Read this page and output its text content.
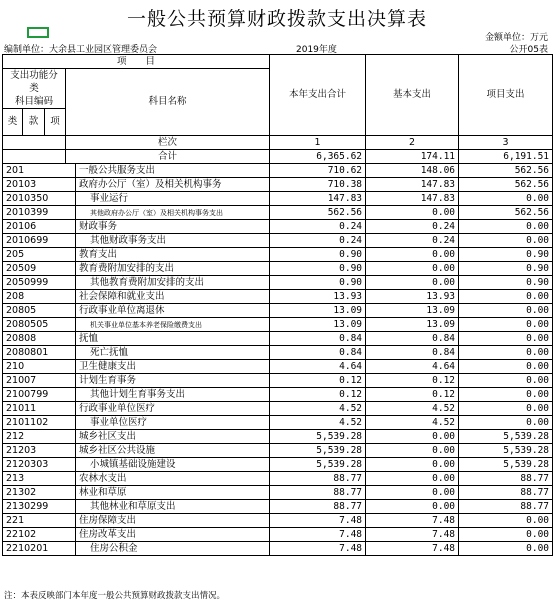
一般公共预算财政拨款支出决算表
金额单位：万元
编制单位：大余县工业园区管理委员会	2019年度	公开05表
项　　目					本年支出合计	基本支出	项目支出
支出功能分类
科目编码			科目名称				

类	款	项					
			栏次		1	2	3
			合计		6,365.62	174.11	6,191.51
201				一般公共服务支出	710.62	148.06	562.56
20103				政府办公厅（室）及相关机构事务	710.38	147.83	562.56
2010350				事业运行	147.83	147.83	0.00
2010399				其他政府办公厅（室）及相关机构事务支出	562.56	0.00	562.56
20106				财政事务	0.24	0.24	0.00
2010699				其他财政事务支出	0.24	0.24	0.00
205				教育支出	0.90	0.00	0.90
20509				教育费附加安排的支出	0.90	0.00	0.90
2050999				其他教育费附加安排的支出	0.90	0.00	0.90
208				社会保障和就业支出	13.93	13.93	0.00
20805				行政事业单位离退休	13.09	13.09	0.00
2080505				机关事业单位基本养老保险缴费支出	13.09	13.09	0.00
20808				抚恤	0.84	0.84	0.00
2080801				死亡抚恤	0.84	0.84	0.00
210				卫生健康支出	4.64	4.64	0.00
21007				计划生育事务	0.12	0.12	0.00
2100799				其他计划生育事务支出	0.12	0.12	0.00
21011				行政事业单位医疗	4.52	4.52	0.00
2101102				事业单位医疗	4.52	4.52	0.00
212				城乡社区支出	5,539.28	0.00	5,539.28
21203				城乡社区公共设施	5,539.28	0.00	5,539.28
2120303				小城镇基础设施建设	5,539.28	0.00	5,539.28
213				农林水支出	88.77	0.00	88.77
21302				林业和草原	88.77	0.00	88.77
2130299				其他林业和草原支出	88.77	0.00	88.77
221				住房保障支出	7.48	7.48	0.00
22102				住房改革支出	7.48	7.48	0.00
2210201				住房公积金	7.48	7.48	0.00
注：本表反映部门本年度一般公共预算财政拨款支出情况。
